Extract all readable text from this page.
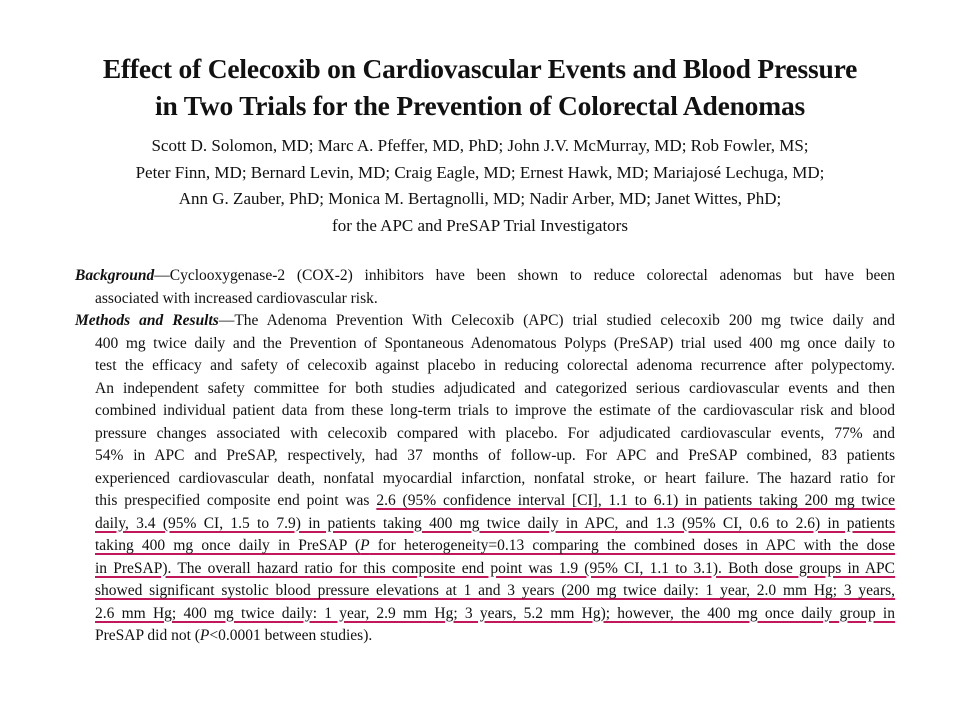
Effect of Celecoxib on Cardiovascular Events and Blood Pressure
in Two Trials for the Prevention of Colorectal Adenomas
Scott D. Solomon, MD; Marc A. Pfeffer, MD, PhD; John J.V. McMurray, MD; Rob Fowler, MS;
Peter Finn, MD; Bernard Levin, MD; Craig Eagle, MD; Ernest Hawk, MD; Mariajosé Lechuga, MD;
Ann G. Zauber, PhD; Monica M. Bertagnolli, MD; Nadir Arber, MD; Janet Wittes, PhD;
for the APC and PreSAP Trial Investigators
Background—Cyclooxygenase-2 (COX-2) inhibitors have been shown to reduce colorectal adenomas but have been
associated with increased cardiovascular risk.
Methods and Results—The Adenoma Prevention With Celecoxib (APC) trial studied celecoxib 200 mg twice daily and
400 mg twice daily and the Prevention of Spontaneous Adenomatous Polyps (PreSAP) trial used 400 mg once daily to
test the efficacy and safety of celecoxib against placebo in reducing colorectal adenoma recurrence after polypectomy.
An independent safety committee for both studies adjudicated and categorized serious cardiovascular events and then
combined individual patient data from these long-term trials to improve the estimate of the cardiovascular risk and blood
pressure changes associated with celecoxib compared with placebo. For adjudicated cardiovascular events, 77% and
54% in APC and PreSAP, respectively, had 37 months of follow-up. For APC and PreSAP combined, 83 patients
experienced cardiovascular death, nonfatal myocardial infarction, nonfatal stroke, or heart failure. The hazard ratio for
this prespecified composite end point was 2.6 (95% confidence interval [CI], 1.1 to 6.1) in patients taking 200 mg twice
daily, 3.4 (95% CI, 1.5 to 7.9) in patients taking 400 mg twice daily in APC, and 1.3 (95% CI, 0.6 to 2.6) in patients
taking 400 mg once daily in PreSAP (P for heterogeneity=0.13 comparing the combined doses in APC with the dose
in PreSAP). The overall hazard ratio for this composite end point was 1.9 (95% CI, 1.1 to 3.1). Both dose groups in APC
showed significant systolic blood pressure elevations at 1 and 3 years (200 mg twice daily: 1 year, 2.0 mm Hg; 3 years,
2.6 mm Hg; 400 mg twice daily: 1 year, 2.9 mm Hg; 3 years, 5.2 mm Hg); however, the 400 mg once daily group in
PreSAP did not (P<0.0001 between studies).
